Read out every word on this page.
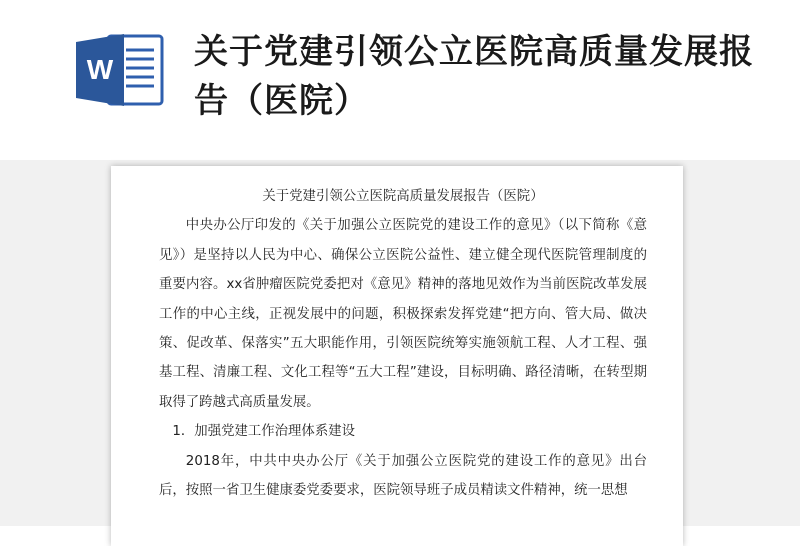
W 关于党建引领公立医院高质量发展报告（医院）
关于党建引领公立医院高质量发展报告（医院）

中央办公厅印发的《关于加强公立医院党的建设工作的意见》（以下简称《意见》）是坚持以人民为中心、确保公立医院公益性、建立健全现代医院管理制度的重要内容。xx省肿瘤医院党委把对《意见》精神的落地见效作为当前医院改革发展工作的中心主线，正视发展中的问题，积极探索发挥党建“把方向、管大局、做决策、促改革、保落实”五大职能作用，引领医院统筹实施领航工程、人才工程、强基工程、清廉工程、文化工程等“五大工程”建设，目标明确、路径清晰，在转型期取得了跨越式高质量发展。

1．加强党建工作治理体系建设

2018年，中共中央办公厅《关于加强公立医院党的建设工作的意见》出台后，按照一省卫生健康委党委要求，医院领导班子成员精读文件精神，统一思想
